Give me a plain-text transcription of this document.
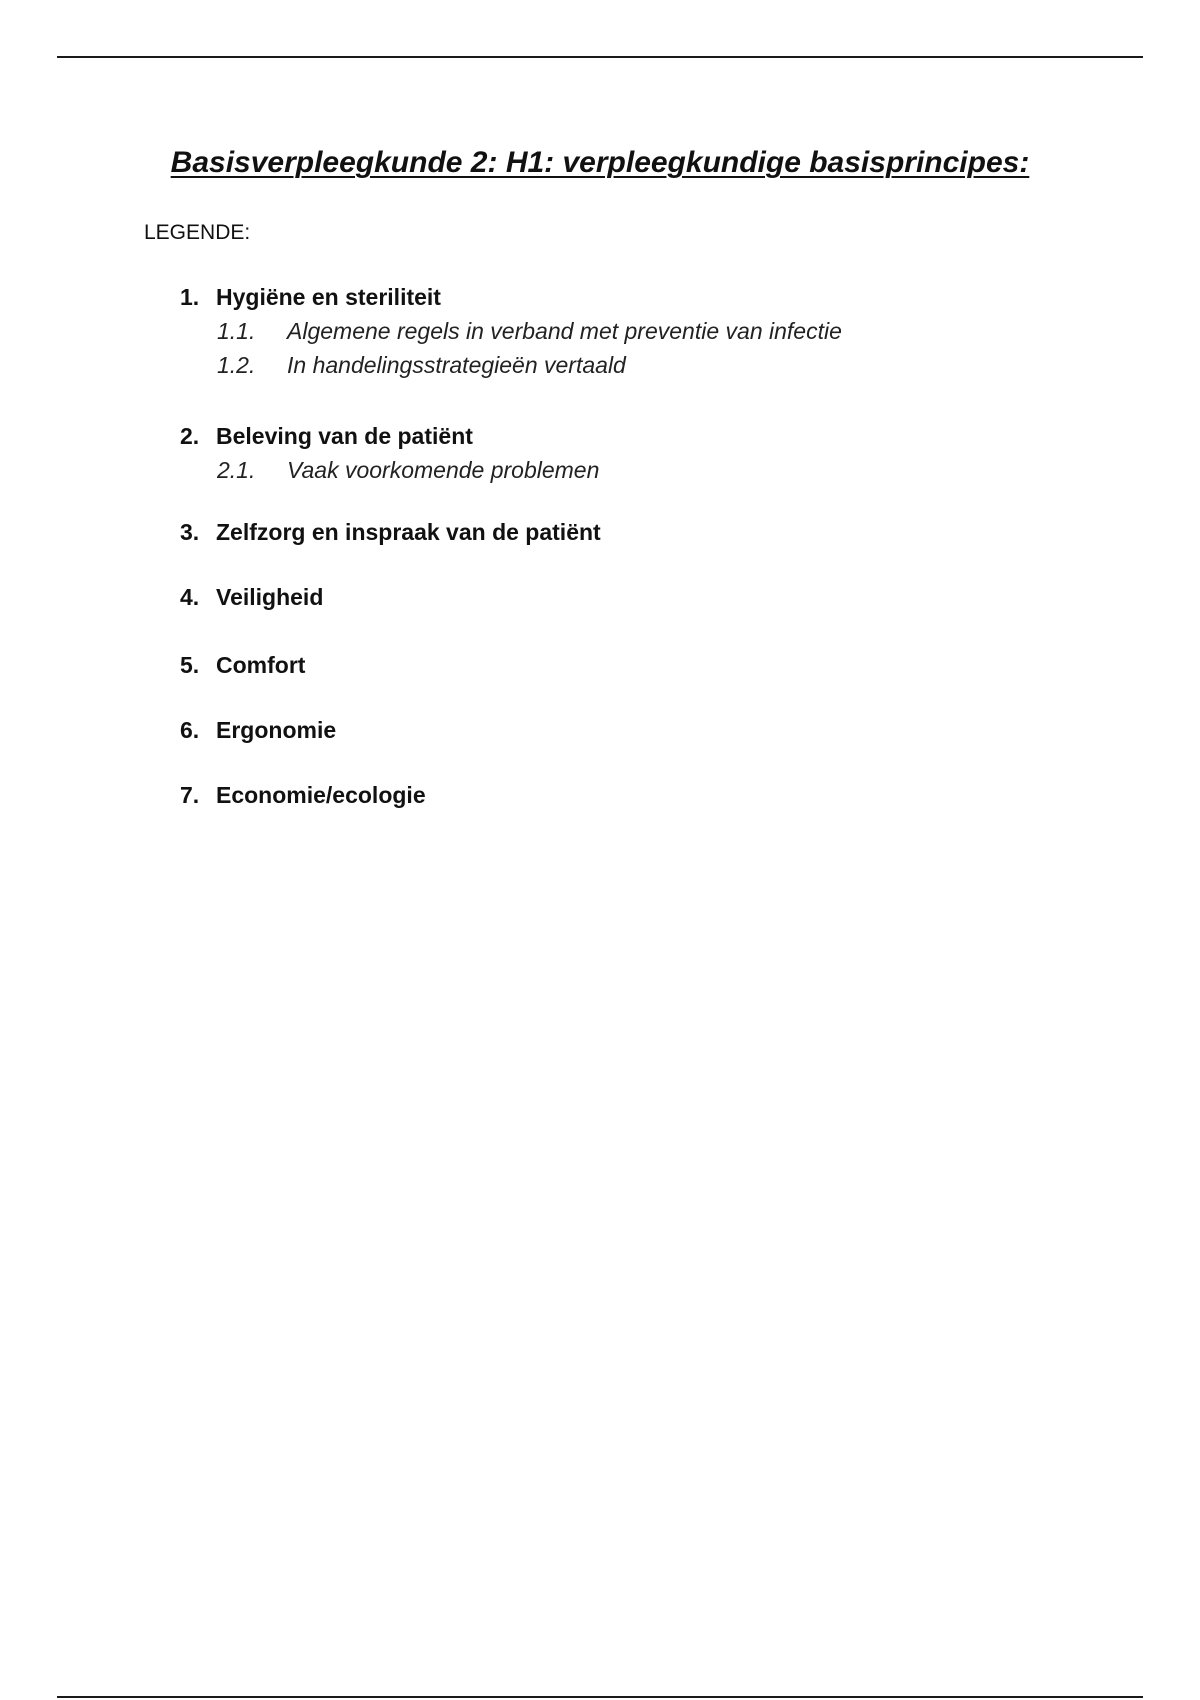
Basisverpleegkunde 2: H1: verpleegkundige basisprincipes:

LEGENDE:

1. Hygiëne en steriliteit

1.1. Algemene regels in verband met preventie van infectie

1.2. In handelingsstrategieën vertaald

2. Beleving van de patiënt

2.1. Vaak voorkomende problemen

3. Zelfzorg en inspraak van de patiënt

4. Veiligheid

5. Comfort

6. Ergonomie

7. Economie/ecologie
